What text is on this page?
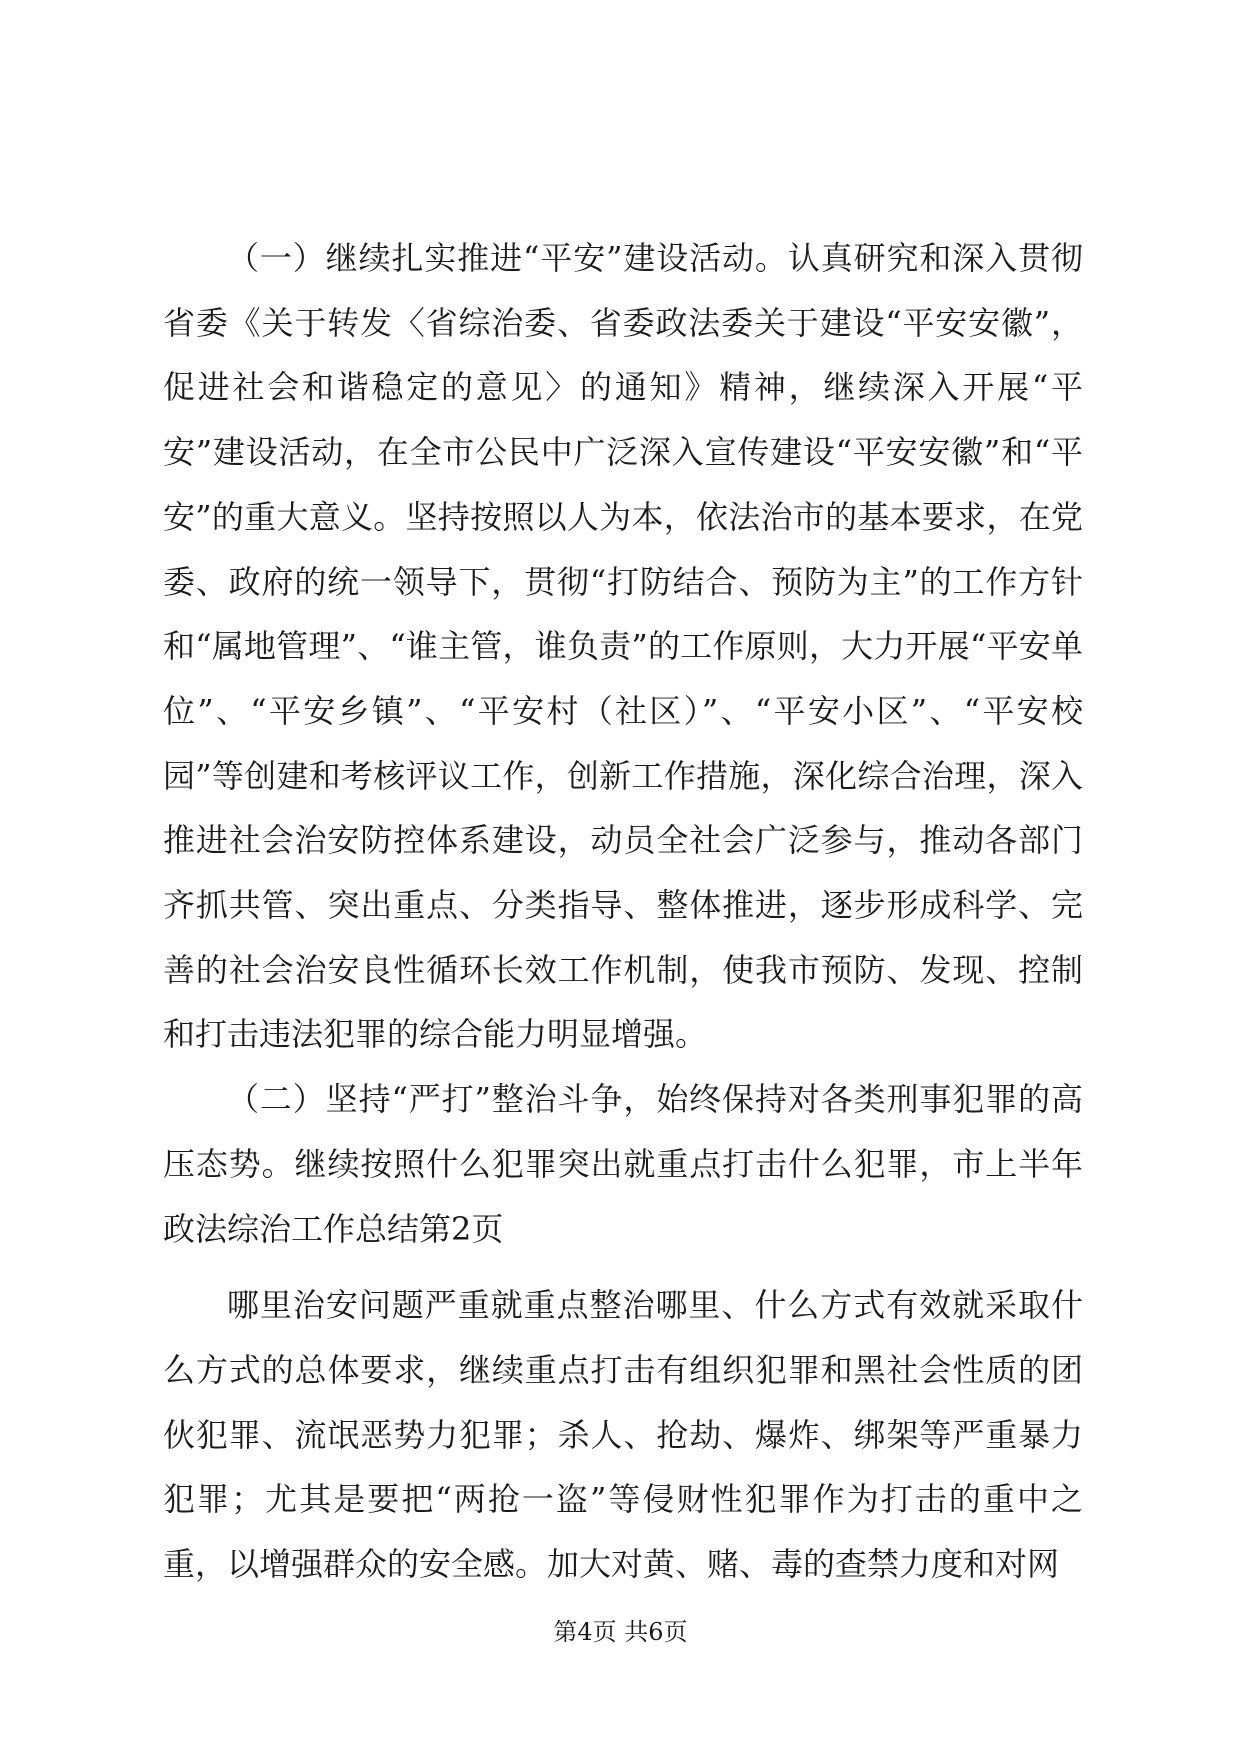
（一）继续扎实推进“平安”建设活动。认真研究和深入贯彻省委《关于转发〈省综治委、省委政法委关于建设“平安安徽”，促进社会和谐稳定的意见〉的通知》精神，继续深入开展“平安”建设活动，在全市公民中广泛深入宣传建设“平安安徽”和“平安”的重大意义。坚持按照以人为本，依法治市的基本要求，在党委、政府的统一领导下，贯彻“打防结合、预防为主”的工作方针和“属地管理”、“谁主管，谁负责”的工作原则，大力开展“平安单位”、“平安乡镇”、“平安村（社区）”、“平安小区”、“平安校园”等创建和考核评议工作，创新工作措施，深化综合治理，深入推进社会治安防控体系建设，动员全社会广泛参与，推动各部门齐抓共管、突出重点、分类指导、整体推进，逐步形成科学、完善的社会治安良性循环长效工作机制，使我市预防、发现、控制和打击违法犯罪的综合能力明显增强。

（二）坚持“严打”整治斗争，始终保持对各类刑事犯罪的高压态势。继续按照什么犯罪突出就重点打击什么犯罪，市上半年政法综治工作总结第2页

哪里治安问题严重就重点整治哪里、什么方式有效就采取什么方式的总体要求，继续重点打击有组织犯罪和黑社会性质的团伙犯罪、流氓恶势力犯罪；杀人、抢劫、爆炸、绑架等严重暴力犯罪；尤其是要把“两抢一盗”等侵财性犯罪作为打击的重中之重，以增强群众的安全感。加大对黄、赌、毒的查禁力度和对网

第4页 共6页
